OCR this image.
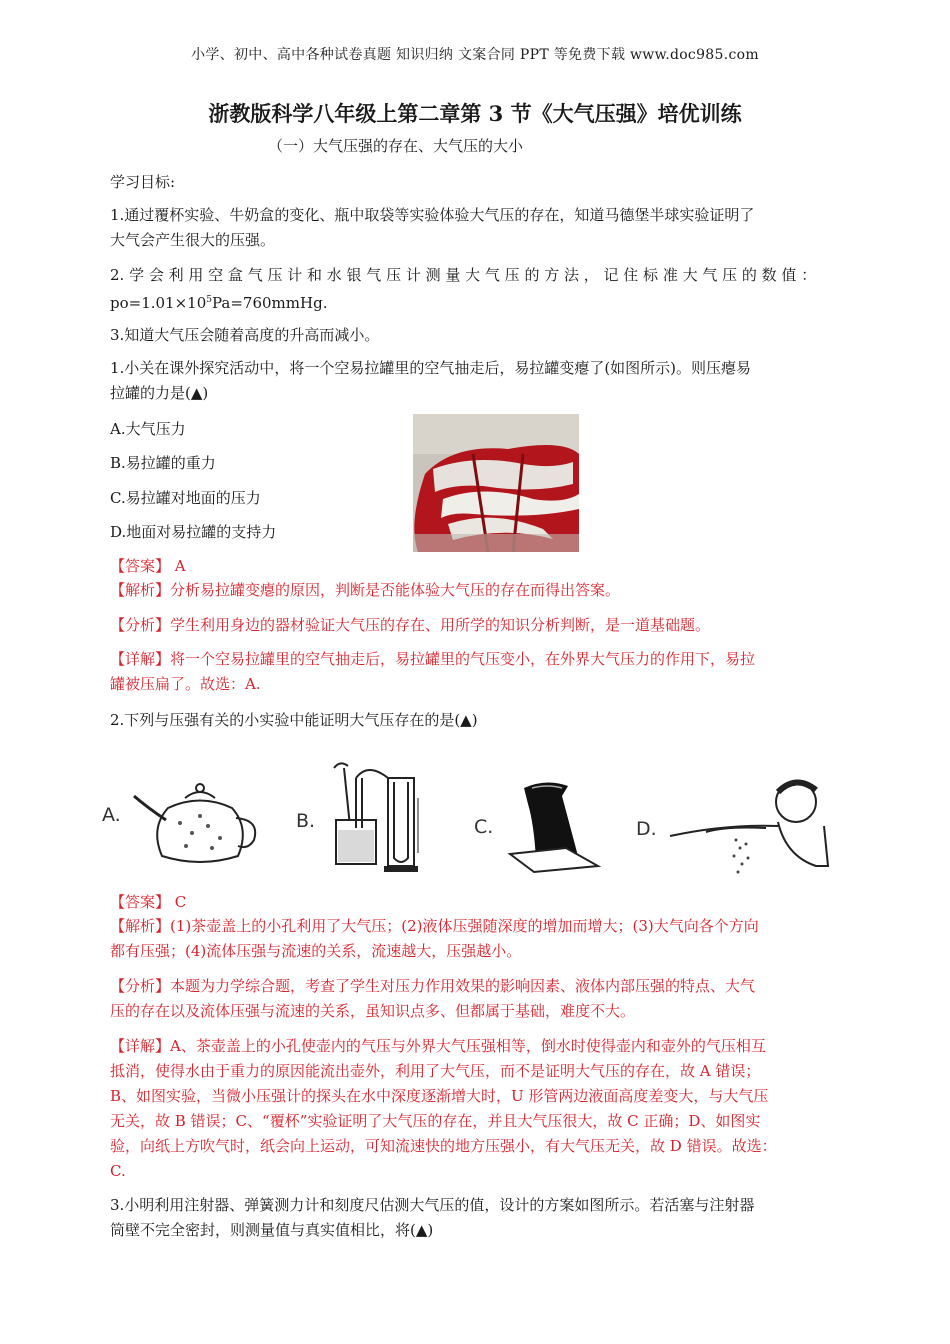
小学、初中、高中各种试卷真题 知识归纳 文案合同 PPT 等免费下载 www.doc985.com
浙教版科学八年级上第二章第 3 节《大气压强》培优训练
（一）大气压强的存在、大气压的大小

学习目标:

1.通过覆杯实验、牛奶盒的变化、瓶中取袋等实验体验大气压的存在，知道马德堡半球实验证明了
大气会产生很大的压强。

2. 学 会 利 用 空 盒 气 压 计 和 水 银 气 压 计 测 量 大 气 压 的 方 法 ， 记 住 标 准 大 气 压 的 数 值 ：
$po=1.01\times 10^5Pa=760mmHg$.

3.知道大气压会随着高度的升高而减小。

1.小关在课外探究活动中，将一个空易拉罐里的空气抽走后，易拉罐变瘪了(如图所示)。则压瘪易
拉罐的力是(▲)

A.大气压力
B.易拉罐的重力
C.易拉罐对地面的压力
D.地面对易拉罐的支持力

【答案】 A

【解析】分析易拉罐变瘪的原因，判断是否能体验大气压的存在而得出答案。

【分析】学生利用身边的器材验证大气压的存在、用所学的知识分析判断，是一道基础题。

【详解】将一个空易拉罐里的空气抽走后，易拉罐里的气压变小，在外界大气压力的作用下，易拉
罐被压扁了。故选：A.

2.下列与压强有关的小实验中能证明大气压存在的是(▲)

A.	B.	C.	D.

【答案】 C

【解析】(1)茶壶盖上的小孔利用了大气压；(2)液体压强随深度的增加而增大；(3)大气向各个方向
都有压强；(4)流体压强与流速的关系，流速越大，压强越小。

【分析】本题为力学综合题，考查了学生对压力作用效果的影响因素、液体内部压强的特点、大气
压的存在以及流体压强与流速的关系，虽知识点多、但都属于基础，难度不大。

【详解】A、茶壶盖上的小孔使壶内的气压与外界大气压强相等，倒水时使得壶内和壶外的气压相互
抵消，使得水由于重力的原因能流出壶外，利用了大气压，而不是证明大气压的存在，故 A 错误；
B、如图实验，当微小压强计的探头在水中深度逐渐增大时，U 形管两边液面高度差变大，与大气压
无关，故 B 错误；C、“覆杯”实验证明了大气压的存在，并且大气压很大，故 C 正确；D、如图实
验，向纸上方吹气时，纸会向上运动，可知流速快的地方压强小，有大气压无关，故 D 错误。故选：
C.

3.小明利用注射器、弹簧测力计和刻度尺估测大气压的值，设计的方案如图所示。若活塞与注射器
筒壁不完全密封，则测量值与真实值相比，将(▲)
